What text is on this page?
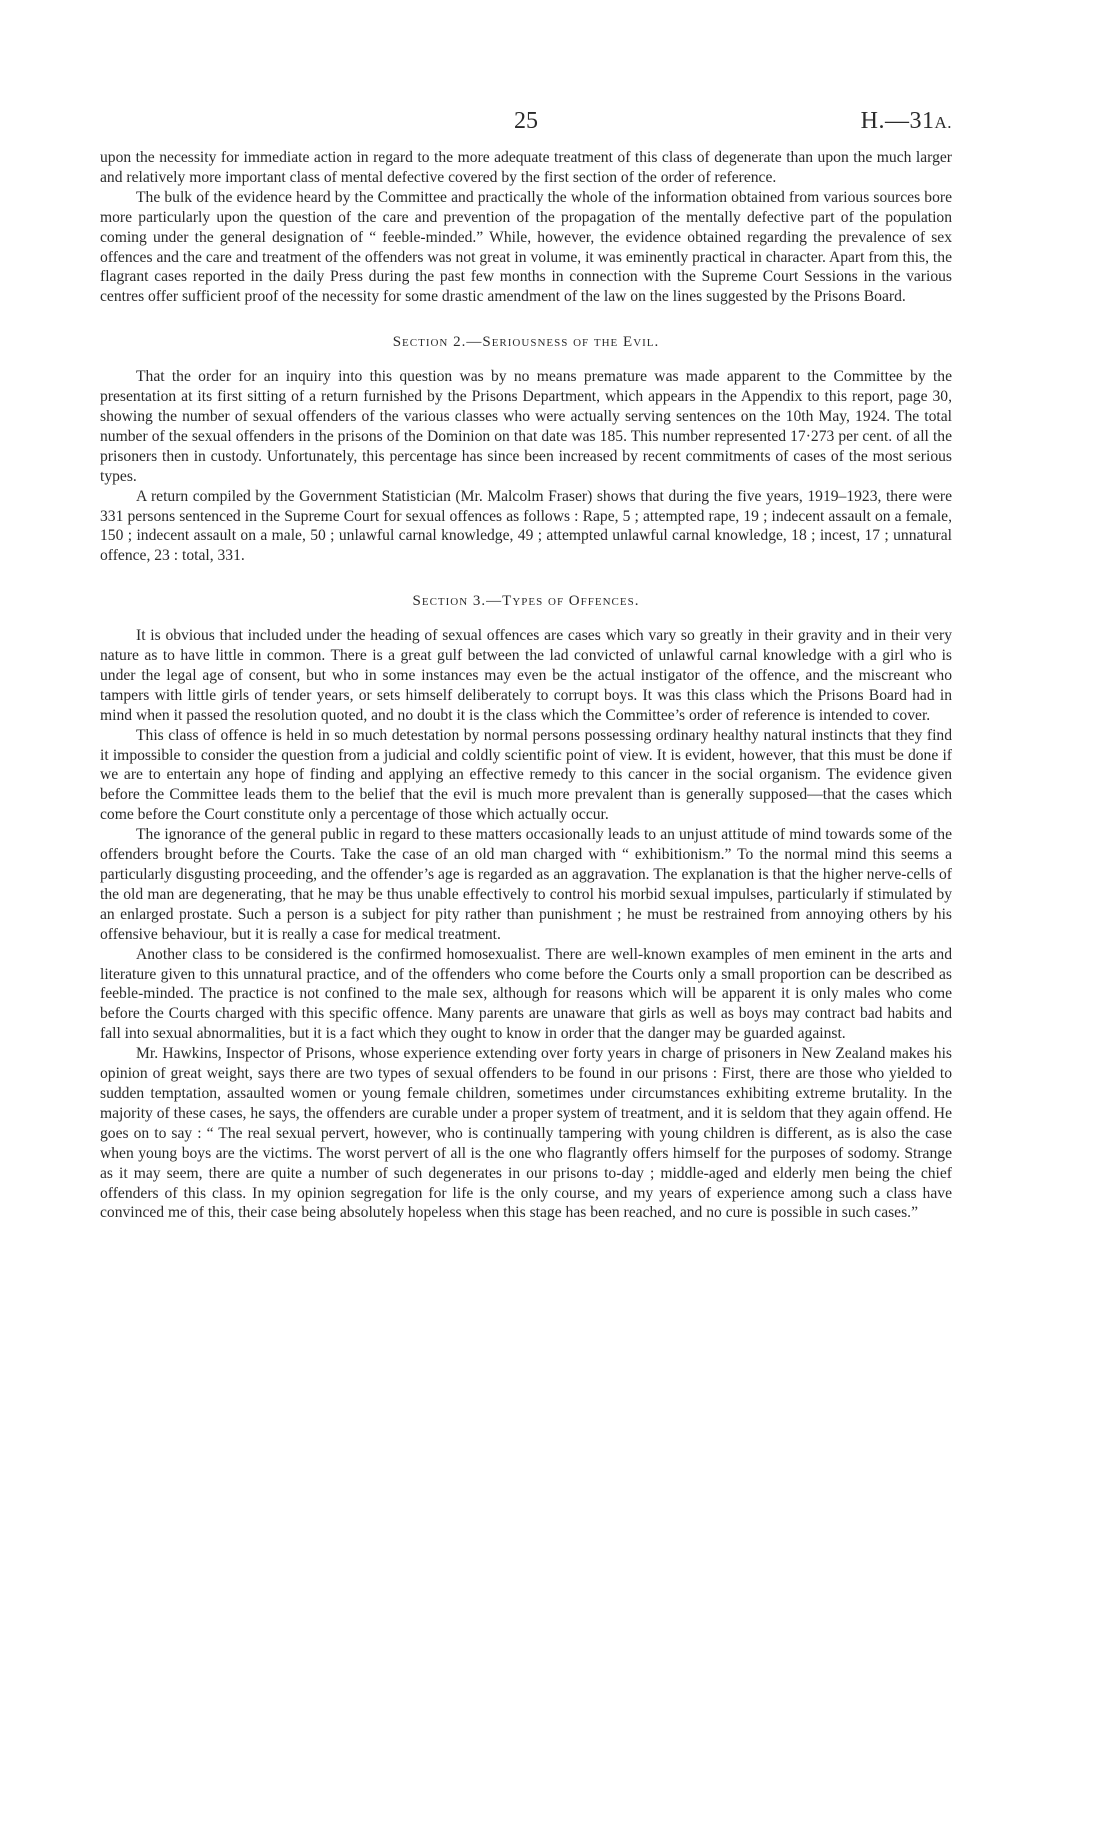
25	H.—31A.

upon the necessity for immediate action in regard to the more adequate treatment of this class of degenerate than upon the much larger and relatively more important class of mental defective covered by the first section of the order of reference.

The bulk of the evidence heard by the Committee and practically the whole of the information obtained from various sources bore more particularly upon the question of the care and prevention of the propagation of the mentally defective part of the population coming under the general designation of “ feeble-minded.” While, however, the evidence obtained regarding the prevalence of sex offences and the care and treatment of the offenders was not great in volume, it was eminently practical in character. Apart from this, the flagrant cases reported in the daily Press during the past few months in connection with the Supreme Court Sessions in the various centres offer sufficient proof of the necessity for some drastic amendment of the law on the lines suggested by the Prisons Board.

Section 2.—Seriousness of the Evil.

That the order for an inquiry into this question was by no means premature was made apparent to the Committee by the presentation at its first sitting of a return furnished by the Prisons Department, which appears in the Appendix to this report, page 30, showing the number of sexual offenders of the various classes who were actually serving sentences on the 10th May, 1924. The total number of the sexual offenders in the prisons of the Dominion on that date was 185. This number represented 17·273 per cent. of all the prisoners then in custody. Unfortunately, this percentage has since been increased by recent commitments of cases of the most serious types.

A return compiled by the Government Statistician (Mr. Malcolm Fraser) shows that during the five years, 1919–1923, there were 331 persons sentenced in the Supreme Court for sexual offences as follows : Rape, 5 ; attempted rape, 19 ; indecent assault on a female, 150 ; indecent assault on a male, 50 ; unlawful carnal knowledge, 49 ; attempted unlawful carnal knowledge, 18 ; incest, 17 ; unnatural offence, 23 : total, 331.

Section 3.—Types of Offences.

It is obvious that included under the heading of sexual offences are cases which vary so greatly in their gravity and in their very nature as to have little in common. There is a great gulf between the lad convicted of unlawful carnal knowledge with a girl who is under the legal age of consent, but who in some instances may even be the actual instigator of the offence, and the miscreant who tampers with little girls of tender years, or sets himself deliberately to corrupt boys. It was this class which the Prisons Board had in mind when it passed the resolution quoted, and no doubt it is the class which the Committee’s order of reference is intended to cover.

This class of offence is held in so much detestation by normal persons possessing ordinary healthy natural instincts that they find it impossible to consider the question from a judicial and coldly scientific point of view. It is evident, however, that this must be done if we are to entertain any hope of finding and applying an effective remedy to this cancer in the social organism. The evidence given before the Committee leads them to the belief that the evil is much more prevalent than is generally supposed—that the cases which come before the Court constitute only a percentage of those which actually occur.

The ignorance of the general public in regard to these matters occasionally leads to an unjust attitude of mind towards some of the offenders brought before the Courts. Take the case of an old man charged with “ exhibitionism.” To the normal mind this seems a particularly disgusting proceeding, and the offender’s age is regarded as an aggravation. The explanation is that the higher nerve-cells of the old man are degenerating, that he may be thus unable effectively to control his morbid sexual impulses, particularly if stimulated by an enlarged prostate. Such a person is a subject for pity rather than punishment ; he must be restrained from annoying others by his offensive behaviour, but it is really a case for medical treatment.

Another class to be considered is the confirmed homosexualist. There are well-known examples of men eminent in the arts and literature given to this unnatural practice, and of the offenders who come before the Courts only a small proportion can be described as feeble-minded. The practice is not confined to the male sex, although for reasons which will be apparent it is only males who come before the Courts charged with this specific offence. Many parents are unaware that girls as well as boys may contract bad habits and fall into sexual abnormalities, but it is a fact which they ought to know in order that the danger may be guarded against.

Mr. Hawkins, Inspector of Prisons, whose experience extending over forty years in charge of prisoners in New Zealand makes his opinion of great weight, says there are two types of sexual offenders to be found in our prisons : First, there are those who yielded to sudden temptation, assaulted women or young female children, sometimes under circumstances exhibiting extreme brutality. In the majority of these cases, he says, the offenders are curable under a proper system of treatment, and it is seldom that they again offend. He goes on to say : “ The real sexual pervert, however, who is continually tampering with young children is different, as is also the case when young boys are the victims. The worst pervert of all is the one who flagrantly offers himself for the purposes of sodomy. Strange as it may seem, there are quite a number of such degenerates in our prisons to-day ; middle-aged and elderly men being the chief offenders of this class. In my opinion segregation for life is the only course, and my years of experience among such a class have convinced me of this, their case being absolutely hopeless when this stage has been reached, and no cure is possible in such cases.”
